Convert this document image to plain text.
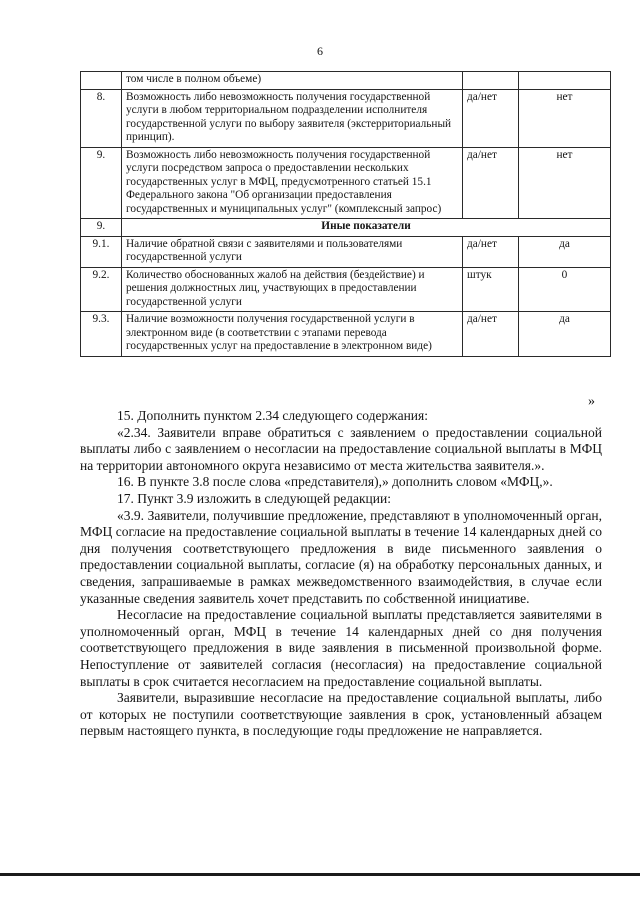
6
	том числе в полном объеме)		
8.	Возможность либо невозможность получения государственной услуги в любом территориальном подразделении исполнителя государственной услуги по выбору заявителя (экстерриториальный принцип).	да/нет	нет
9.	Возможность либо невозможность получения государственной услуги посредством запроса о предоставлении нескольких государственных услуг в МФЦ, предусмотренного статьей 15.1 Федерального закона "Об организации предоставления государственных и муниципальных услуг" (комплексный запрос)	да/нет	нет
9.	Иные показатели		
9.1.	Наличие обратной связи с заявителями и пользователями государственной услуги	да/нет	да
9.2.	Количество обоснованных жалоб на действия (бездействие) и решения должностных лиц, участвующих в предоставлении государственной услуги	штук	0
9.3.	Наличие возможности получения государственной услуги в электронном виде (в соответствии с этапами перевода государственных услуг на предоставление в электронном виде)	да/нет	да
»

15. Дополнить пунктом 2.34 следующего содержания:

«2.34. Заявители вправе обратиться с заявлением о предоставлении социальной выплаты либо с заявлением о несогласии на предоставление социальной выплаты в МФЦ на территории автономного округа независимо от места жительства заявителя.».

16. В пункте 3.8 после слова «представителя),» дополнить словом «МФЦ,».

17. Пункт 3.9 изложить в следующей редакции:

«3.9. Заявители, получившие предложение, представляют в уполномоченный орган, МФЦ согласие на предоставление социальной выплаты в течение 14 календарных дней со дня получения соответствующего предложения в виде письменного заявления о предоставлении социальной выплаты, согласие (я) на обработку персональных данных, и сведения, запрашиваемые в рамках межведомственного взаимодействия, в случае если указанные сведения заявитель хочет представить по собственной инициативе.

Несогласие на предоставление социальной выплаты представляется заявителями в уполномоченный орган, МФЦ в течение 14 календарных дней со дня получения соответствующего предложения в виде заявления в письменной произвольной форме. Непоступление от заявителей согласия (несогласия) на предоставление социальной выплаты в срок считается несогласием на предоставление социальной выплаты.

Заявители, выразившие несогласие на предоставление социальной выплаты, либо от которых не поступили соответствующие заявления в срок, установленный абзацем первым настоящего пункта, в последующие годы предложение не направляется.
